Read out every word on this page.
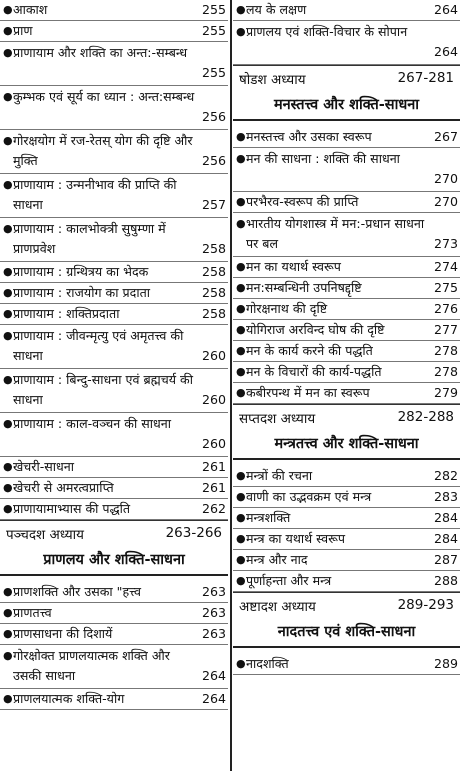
● आकाश	255
● प्राण	255
● प्राणायाम और शक्ति का अन्त:-सम्बन्ध
255
● कुम्भक एवं सूर्य का ध्यान : अन्त:सम्बन्ध
256
● गोरक्षयोग में रज-रेतस् योग की दृष्टि और मुक्ति	256
● प्राणायाम : उन्मनीभाव की प्राप्ति की साधना	257
● प्राणायाम : कालभोक्त्री सुषुम्णा में प्राणप्रवेश	258
● प्राणायाम : ग्रन्थित्रय का भेदक	258
● प्राणायाम : राजयोग का प्रदाता	258
● प्राणायाम : शक्तिप्रदाता	258
● प्राणायाम : जीवन्मृत्यु एवं अमृतत्त्व की साधना	260
● प्राणायाम : बिन्दु-साधना एवं ब्रह्मचर्य की साधना	260
● प्राणायाम : काल-वञ्चन की साधना
260
● खेचरी-साधना	261
● खेचरी से अमरत्वप्राप्ति	261
● प्राणायामाभ्यास की पद्धति	262
पञ्चदश अध्याय	263-266
प्राणलय और शक्ति-साधना
● प्राणशक्ति और उसका "हत्त्व	263
● प्राणतत्त्व	263
● प्राणसाधना की दिशायें	263
● गोरक्षोक्त प्राणलयात्मक शक्ति और उसकी साधना	264
● प्राणलयात्मक शक्ति-योग	264
● लय के लक्षण	264
● प्राणलय एवं शक्ति-विचार के सोपान
264
षोडश अध्याय	267-281
मनस्तत्त्व और शक्ति-साधना
● मनस्तत्त्व और उसका स्वरूप	267
● मन की साधना : शक्ति की साधना
270
● परभैरव-स्वरूप की प्राप्ति	270
● भारतीय योगशास्त्र में मन:-प्रधान साधना पर बल	273
● मन का यथार्थ स्वरूप	274
● मन:सम्बन्धिनी उपनिषद्दृष्टि	275
● गोरक्षनाथ की दृष्टि	276
● योगिराज अरविन्द घोष की दृष्टि	277
● मन के कार्य करने की पद्धति	278
● मन के विचारों की कार्य-पद्धति	278
● कबीरपन्थ में मन का स्वरूप	279
सप्तदश अध्याय	282-288
मन्त्रतत्त्व और शक्ति-साधना
● मन्त्रों की रचना	282
● वाणी का उद्भवक्रम एवं मन्त्र	283
● मन्त्रशक्ति	284
● मन्त्र का यथार्थ स्वरूप	284
● मन्त्र और नाद	287
● पूर्णाहन्ता और मन्त्र	288
अष्टादश अध्याय	289-293
नादतत्त्व एवं शक्ति-साधना
● नादशक्ति	289
